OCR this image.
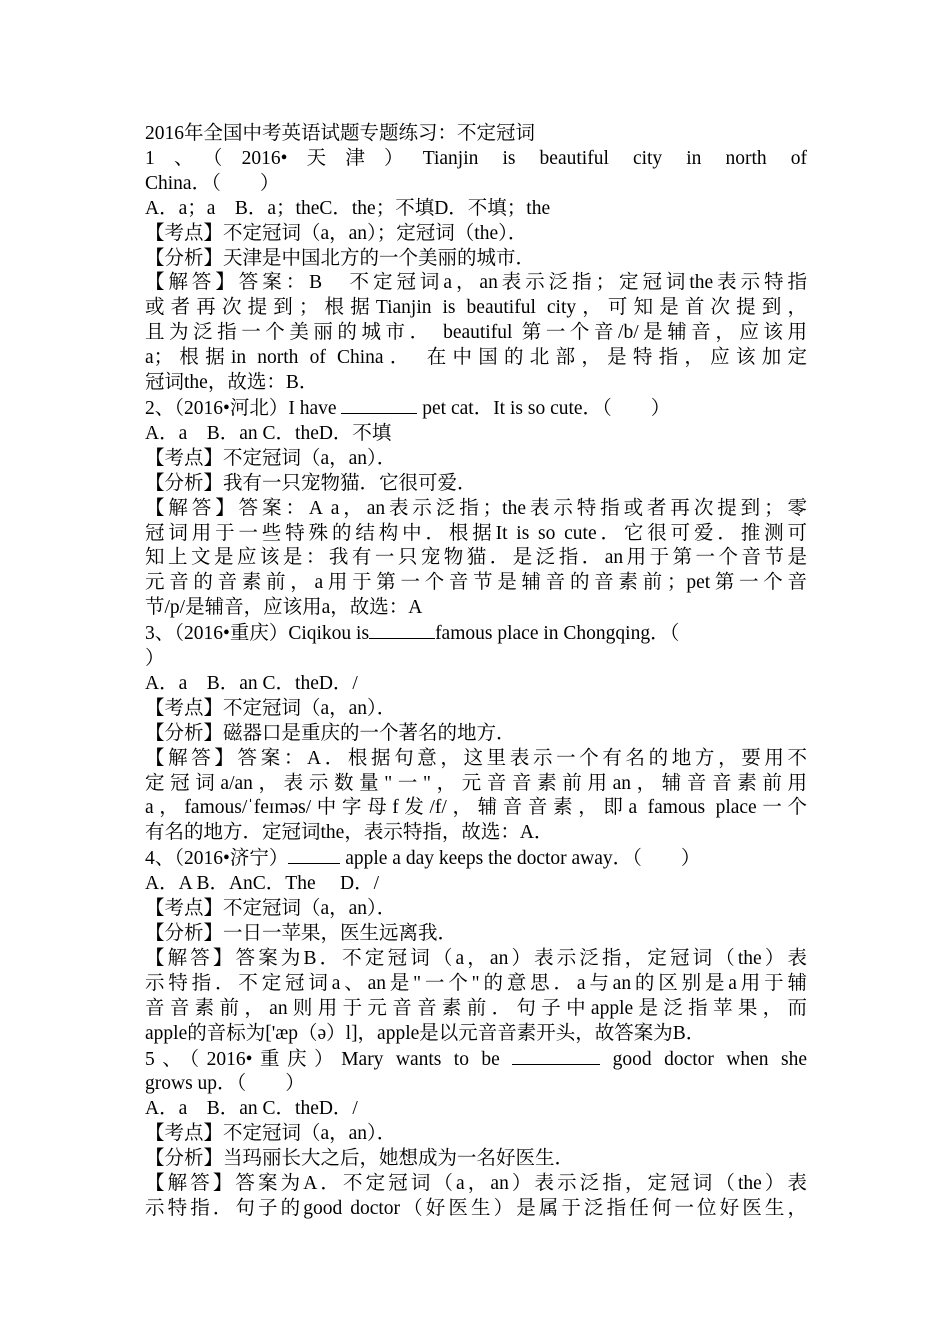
2016年全国中考英语试题专题练习：不定冠词
1、（2016•天津）Tianjin is beautiful city in north of
China．（　　）
A．a；a　B．a；theC．the；不填D．不填；the
【考点】不定冠词（a，an）；定冠词（the）．
【分析】天津是中国北方的一个美丽的城市．
【解答】答案：B　不定冠词a，an表示泛指；定冠词the表示特指
或者再次提到；根据Tianjin is beautiful city，可知是首次提到，
且为泛指一个美丽的城市． beautiful 第一个音/b/是辅音，应该用
a；根据in north of China． 在中国的北部，是特指，应该加定
冠词the，故选：B．
2、（2016•河北）I have	pet cat．It is so cute．（　　）
A．a　B．an C．theD．不填
【考点】不定冠词（a，an）．
【分析】我有一只宠物猫．它很可爱．
【解答】答案：A a，an表示泛指；the表示特指或者再次提到；零
冠词用于一些特殊的结构中．根据It is so cute．它很可爱．推测可
知上文是应该是：我有一只宠物猫．是泛指．an用于第一个音节是
元音的音素前，a用于第一个音节是辅音的音素前；pet第一个音
节/p/是辅音，应该用a，故选：A
3、（2016•重庆）Ciqikou is	famous place in Chongqing．（
）
A．a　B．an C．theD．/
【考点】不定冠词（a，an）．
【分析】磁器口是重庆的一个著名的地方．
【解答】答案：A．根据句意，这里表示一个有名的地方，要用不
定冠词a/an，表示数量"一"，元音音素前用an，辅音音素前用
a，famous/ˈfeɪməs/中字母f发/f/，辅音音素，即a famous place一个
有名的地方．定冠词the，表示特指，故选：A．
4、（2016•济宁）	apple a day keeps the doctor away．（　　）
A．A B．AnC．The　 D．/
【考点】不定冠词（a，an）．
【分析】一日一苹果，医生远离我．
【解答】答案为B．不定冠词（a，an）表示泛指，定冠词（the）表
示特指．不定冠词a、an是"一个"的意思．a与an的区别是a用于辅
音音素前，an则用于元音音素前．句子中apple是泛指苹果，而
apple的音标为['æp（ə）l]，apple是以元音音素开头，故答案为B．
5、（2016•重庆）Mary wants to be	good doctor when she
grows up．（　　）
A．a　B．an C．theD．/
【考点】不定冠词（a，an）．
【分析】当玛丽长大之后，她想成为一名好医生．
【解答】答案为A．不定冠词（a，an）表示泛指，定冠词（the）表
示特指．句子的good doctor（好医生）是属于泛指任何一位好医生，
